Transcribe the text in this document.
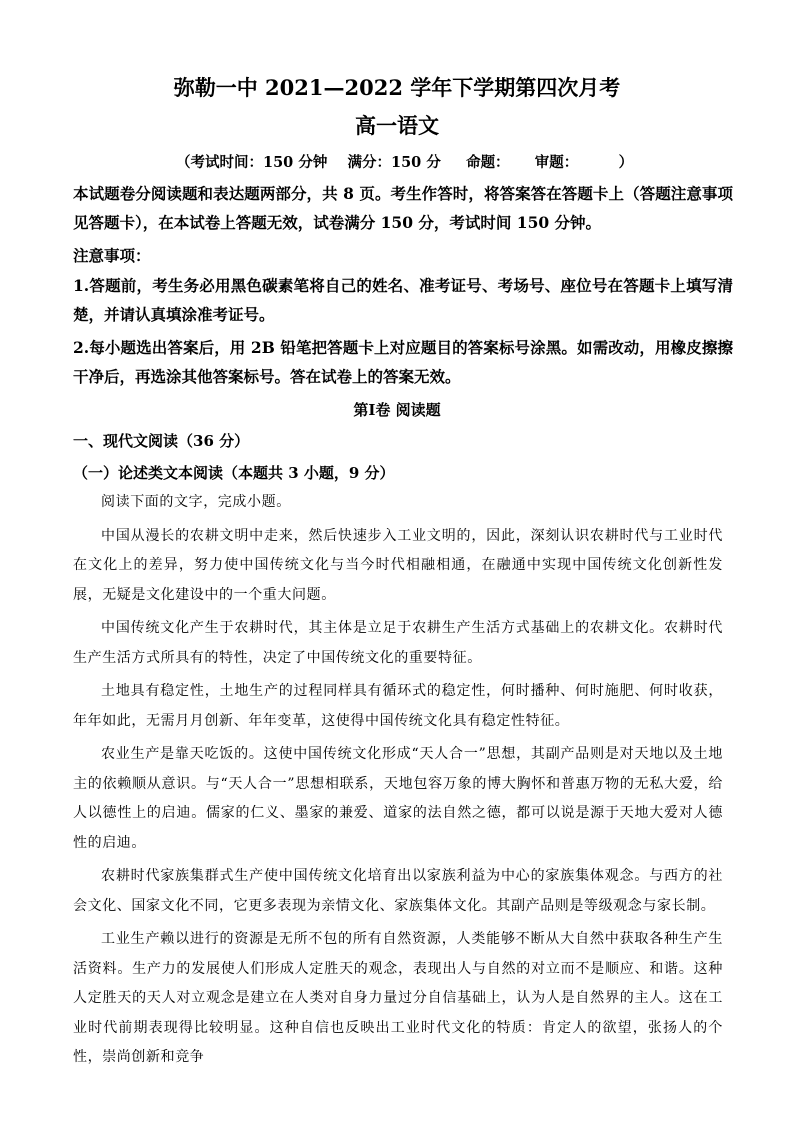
弥勒一中 2021—2022 学年下学期第四次月考
高一语文
（考试时间：150 分钟    满分：150 分     命题：     审题：        ）
本试题卷分阅读题和表达题两部分，共 8 页。考生作答时，将答案答在答题卡上（答题注意事项见答题卡），在本试卷上答题无效，试卷满分 150 分，考试时间 150 分钟。
注意事项：
1.答题前，考生务必用黑色碳素笔将自己的姓名、准考证号、考场号、座位号在答题卡上填写清楚，并请认真填涂准考证号。
2.每小题选出答案后，用 2B 铅笔把答题卡上对应题目的答案标号涂黑。如需改动，用橡皮擦擦干净后，再选涂其他答案标号。答在试卷上的答案无效。
第Ⅰ卷 阅读题
一、现代文阅读（36 分）
（一）论述类文本阅读（本题共 3 小题，9 分）

阅读下面的文字，完成小题。

中国从漫长的农耕文明中走来，然后快速步入工业文明的，因此，深刻认识农耕时代与工业时代在文化上的差异，努力使中国传统文化与当今时代相融相通，在融通中实现中国传统文化创新性发展，无疑是文化建设中的一个重大问题。

中国传统文化产生于农耕时代，其主体是立足于农耕生产生活方式基础上的农耕文化。农耕时代生产生活方式所具有的特性，决定了中国传统文化的重要特征。

土地具有稳定性，土地生产的过程同样具有循环式的稳定性，何时播种、何时施肥、何时收获，年年如此，无需月月创新、年年变革，这使得中国传统文化具有稳定性特征。

农业生产是靠天吃饭的。这使中国传统文化形成“天人合一”思想，其副产品则是对天地以及土地主的依赖顺从意识。与“天人合一”思想相联系，天地包容万象的博大胸怀和普惠万物的无私大爱，给人以德性上的启迪。儒家的仁义、墨家的兼爱、道家的法自然之德，都可以说是源于天地大爱对人德性的启迪。

农耕时代家族集群式生产使中国传统文化培育出以家族利益为中心的家族集体观念。与西方的社会文化、国家文化不同，它更多表现为亲情文化、家族集体文化。其副产品则是等级观念与家长制。

工业生产赖以进行的资源是无所不包的所有自然资源，人类能够不断从大自然中获取各种生产生活资料。生产力的发展使人们形成人定胜天的观念，表现出人与自然的对立而不是顺应、和谐。这种人定胜天的天人对立观念是建立在人类对自身力量过分自信基础上，认为人是自然界的主人。这在工业时代前期表现得比较明显。这种自信也反映出工业时代文化的特质：肯定人的欲望，张扬人的个性，崇尚创新和竞争
